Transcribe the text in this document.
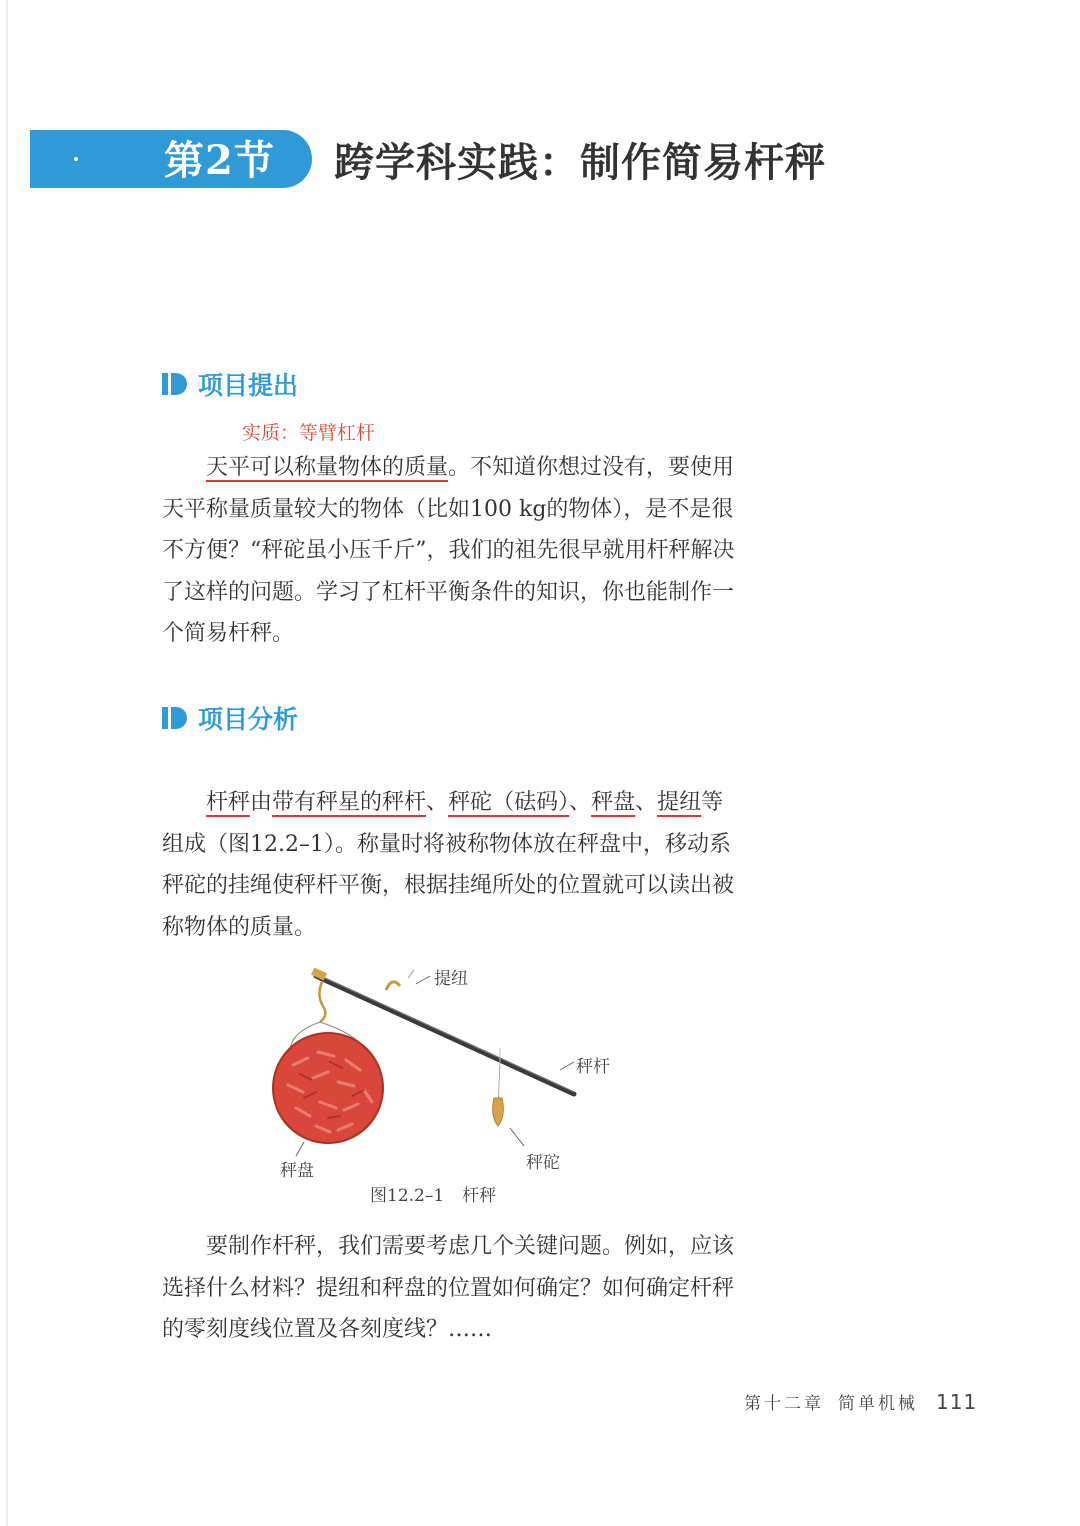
第2节 跨学科实践：制作简易杆秤
项目提出
实质：等臂杠杆

天平可以称量物体的质量。不知道你想过没有，要使用天平称量质量较大的物体（比如100 kg的物体），是不是很不方便？“秤砣虽小压千斤”，我们的祖先很早就用杆秤解决了这样的问题。学习了杠杆平衡条件的知识，你也能制作一个简易杆秤。

项目分析

杆秤由带有秤星的秤杆、秤砣（砝码）、秤盘、提纽等组成（图12.2–1）。称量时将被称物体放在秤盘中，移动系秤砣的挂绳使秤杆平衡，根据挂绳所处的位置就可以读出被称物体的质量。

提纽
秤杆
秤盘	秤砣
图12.2–1 杆秤

要制作杆秤，我们需要考虑几个关键问题。例如，应该选择什么材料？提纽和秤盘的位置如何确定？如何确定杆秤的零刻度线位置及各刻度线？……

第十二章 简单机械 111
